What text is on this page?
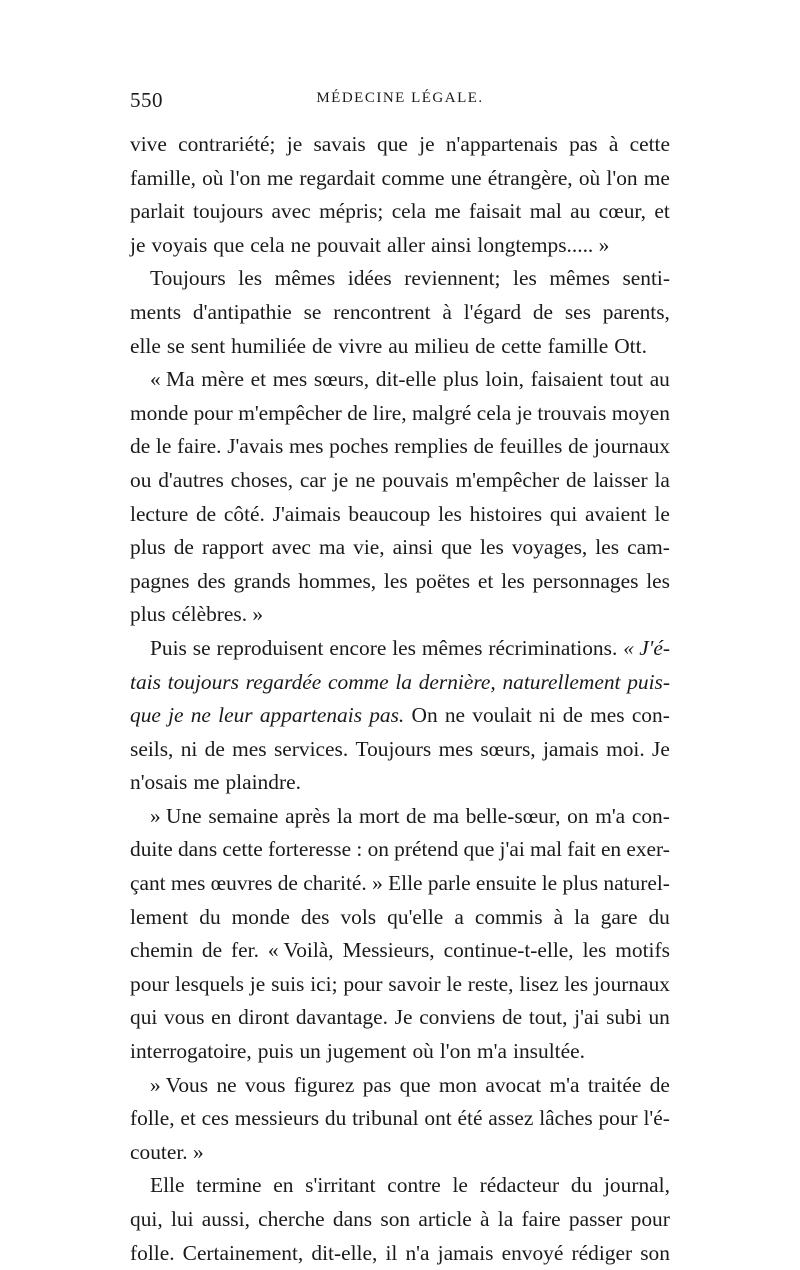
550	MÉDECINE LÉGALE.
vive contrariété; je savais que je n'appartenais pas à cette
famille, où l'on me regardait comme une étrangère, où l'on me
parlait toujours avec mépris; cela me faisait mal au cœur, et
je voyais que cela ne pouvait aller ainsi longtemps..... »
Toujours les mêmes idées reviennent; les mêmes senti-
ments d'antipathie se rencontrent à l'égard de ses parents,
elle se sent humiliée de vivre au milieu de cette famille Ott.
« Ma mère et mes sœurs, dit-elle plus loin, faisaient tout au
monde pour m'empêcher de lire, malgré cela je trouvais moyen
de le faire. J'avais mes poches remplies de feuilles de journaux
ou d'autres choses, car je ne pouvais m'empêcher de laisser la
lecture de côté. J'aimais beaucoup les histoires qui avaient le
plus de rapport avec ma vie, ainsi que les voyages, les cam-
pagnes des grands hommes, les poëtes et les personnages les
plus célèbres. »
Puis se reproduisent encore les mêmes récriminations. « J'é-
tais toujours regardée comme la dernière, naturellement puis-
que je ne leur appartenais pas. On ne voulait ni de mes con-
seils, ni de mes services. Toujours mes sœurs, jamais moi. Je
n'osais me plaindre.
» Une semaine après la mort de ma belle-sœur, on m'a con-
duite dans cette forteresse : on prétend que j'ai mal fait en exer-
çant mes œuvres de charité. » Elle parle ensuite le plus naturel-
lement du monde des vols qu'elle a commis à la gare du
chemin de fer. « Voilà, Messieurs, continue-t-elle, les motifs
pour lesquels je suis ici; pour savoir le reste, lisez les journaux
qui vous en diront davantage. Je conviens de tout, j'ai subi un
interrogatoire, puis un jugement où l'on m'a insultée.
» Vous ne vous figurez pas que mon avocat m'a traitée de
folle, et ces messieurs du tribunal ont été assez lâches pour l'é-
couter. »
Elle termine en s'irritant contre le rédacteur du journal,
qui, lui aussi, cherche dans son article à la faire passer pour
folle. Certainement, dit-elle, il n'a jamais envoyé rédiger son
